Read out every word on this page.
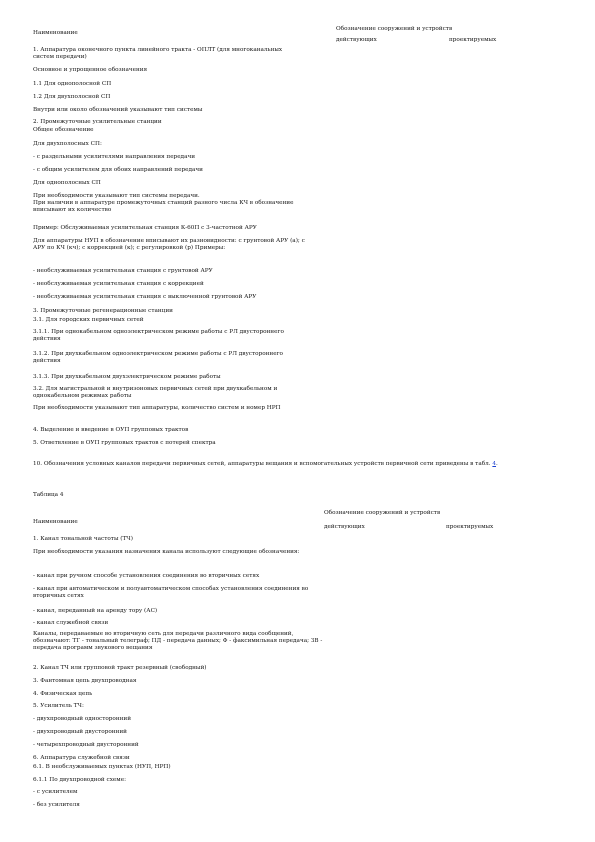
Наименование
Обозначение сооружений и устройств
действующих	проектируемых
1. Аппаратура оконечного пункта линейного тракта - ОПЛТ (для многоканальных систем передачи)
Основное и упрощенное обозначения
1.1 Для однополосной СП
1.2 Для двухполосной СП
Внутри или около обозначений указывают тип системы
2. Промежуточные усилительные станции
Общее обозначение
Для двухполосных СП:
- с раздельными усилителями направления передачи
- с общим усилителем для обоих направлений передачи
Для однополосных СП
При необходимости указывают тип системы передачи.
При наличии в аппаратуре промежуточных станций разного числа КЧ в обозначение вписывают их количество
Пример: Обслуживаемая усилительная станция К-60П с 3-частотной АРУ
Для аппаратуры НУП в обозначение вписывают их разновидности: с грунтовой АРУ (а); с АРУ по КЧ (кч); с коррекцией (к); с регулировкой (р) Примеры:
- необслуживаемая усилительная станция с грунтовой АРУ
- необслуживаемая усилительная станция с коррекцией
- необслуживаемая усилительная станция с выключенной грунтовой АРУ
3. Промежуточные регенерационные станции
3.1. Для городских первичных сетей
3.1.1. При однокабельном одноэлектрическом режиме работы с РЛ двустороннего действия
3.1.2. При двухкабельном одноэлектрическом режиме работы с РЛ двустороннего действия
3.1.3. При двухкабельном двухэлектрическом режиме работы
3.2. Для магистральной и внутризоновых первичных сетей при двухкабельном и однокабельном режимах работы
При необходимости указывают тип аппаратуры, количество систем и номер НРП
4. Выделение и введение в ОУП групповых трактов
5. Ответвление в ОУП групповых трактов с потерей спектра
10. Обозначения условных каналов передачи первичных сетей, аппаратуры вещания и вспомогательных устройств первичной сети приведены в табл. 4.
Таблица 4
Наименование
Обозначение сооружений и устройств
действующих	проектируемых
1. Канал тональной частоты (ТЧ)
При необходимости указания назначения канала используют следующие обозначения:
- канал при ручном способе установления соединения во вторичных сетях
- канал при автоматическом и полуавтоматическом способах установления соединения во вторичных сетях
- канал, переданный на аренду тору (АС)
- канал служебной связи
Каналы, передаваемые во вторичную сеть для передачи различного вида сообщений, обозначают: ТГ - тональный телеграф; ПД - передача данных; Ф - факсимильная передача; ЗВ - передача программ звукового вещания
2. Канал ТЧ или групповой тракт резервный (свободный)
3. Фантомная цепь двухпроводная
4. Физическая цепь
5. Усилитель ТЧ:
- двухпроводный односторонний
- двухпроводный двусторонний
- четырехпроводный двусторонний
6. Аппаратура служебной связи
6.1. В необслуживаемых пунктах (НУП, НРП)
6.1.1 По двухпроводной схеме:
- с усилителем
- без усилителя
